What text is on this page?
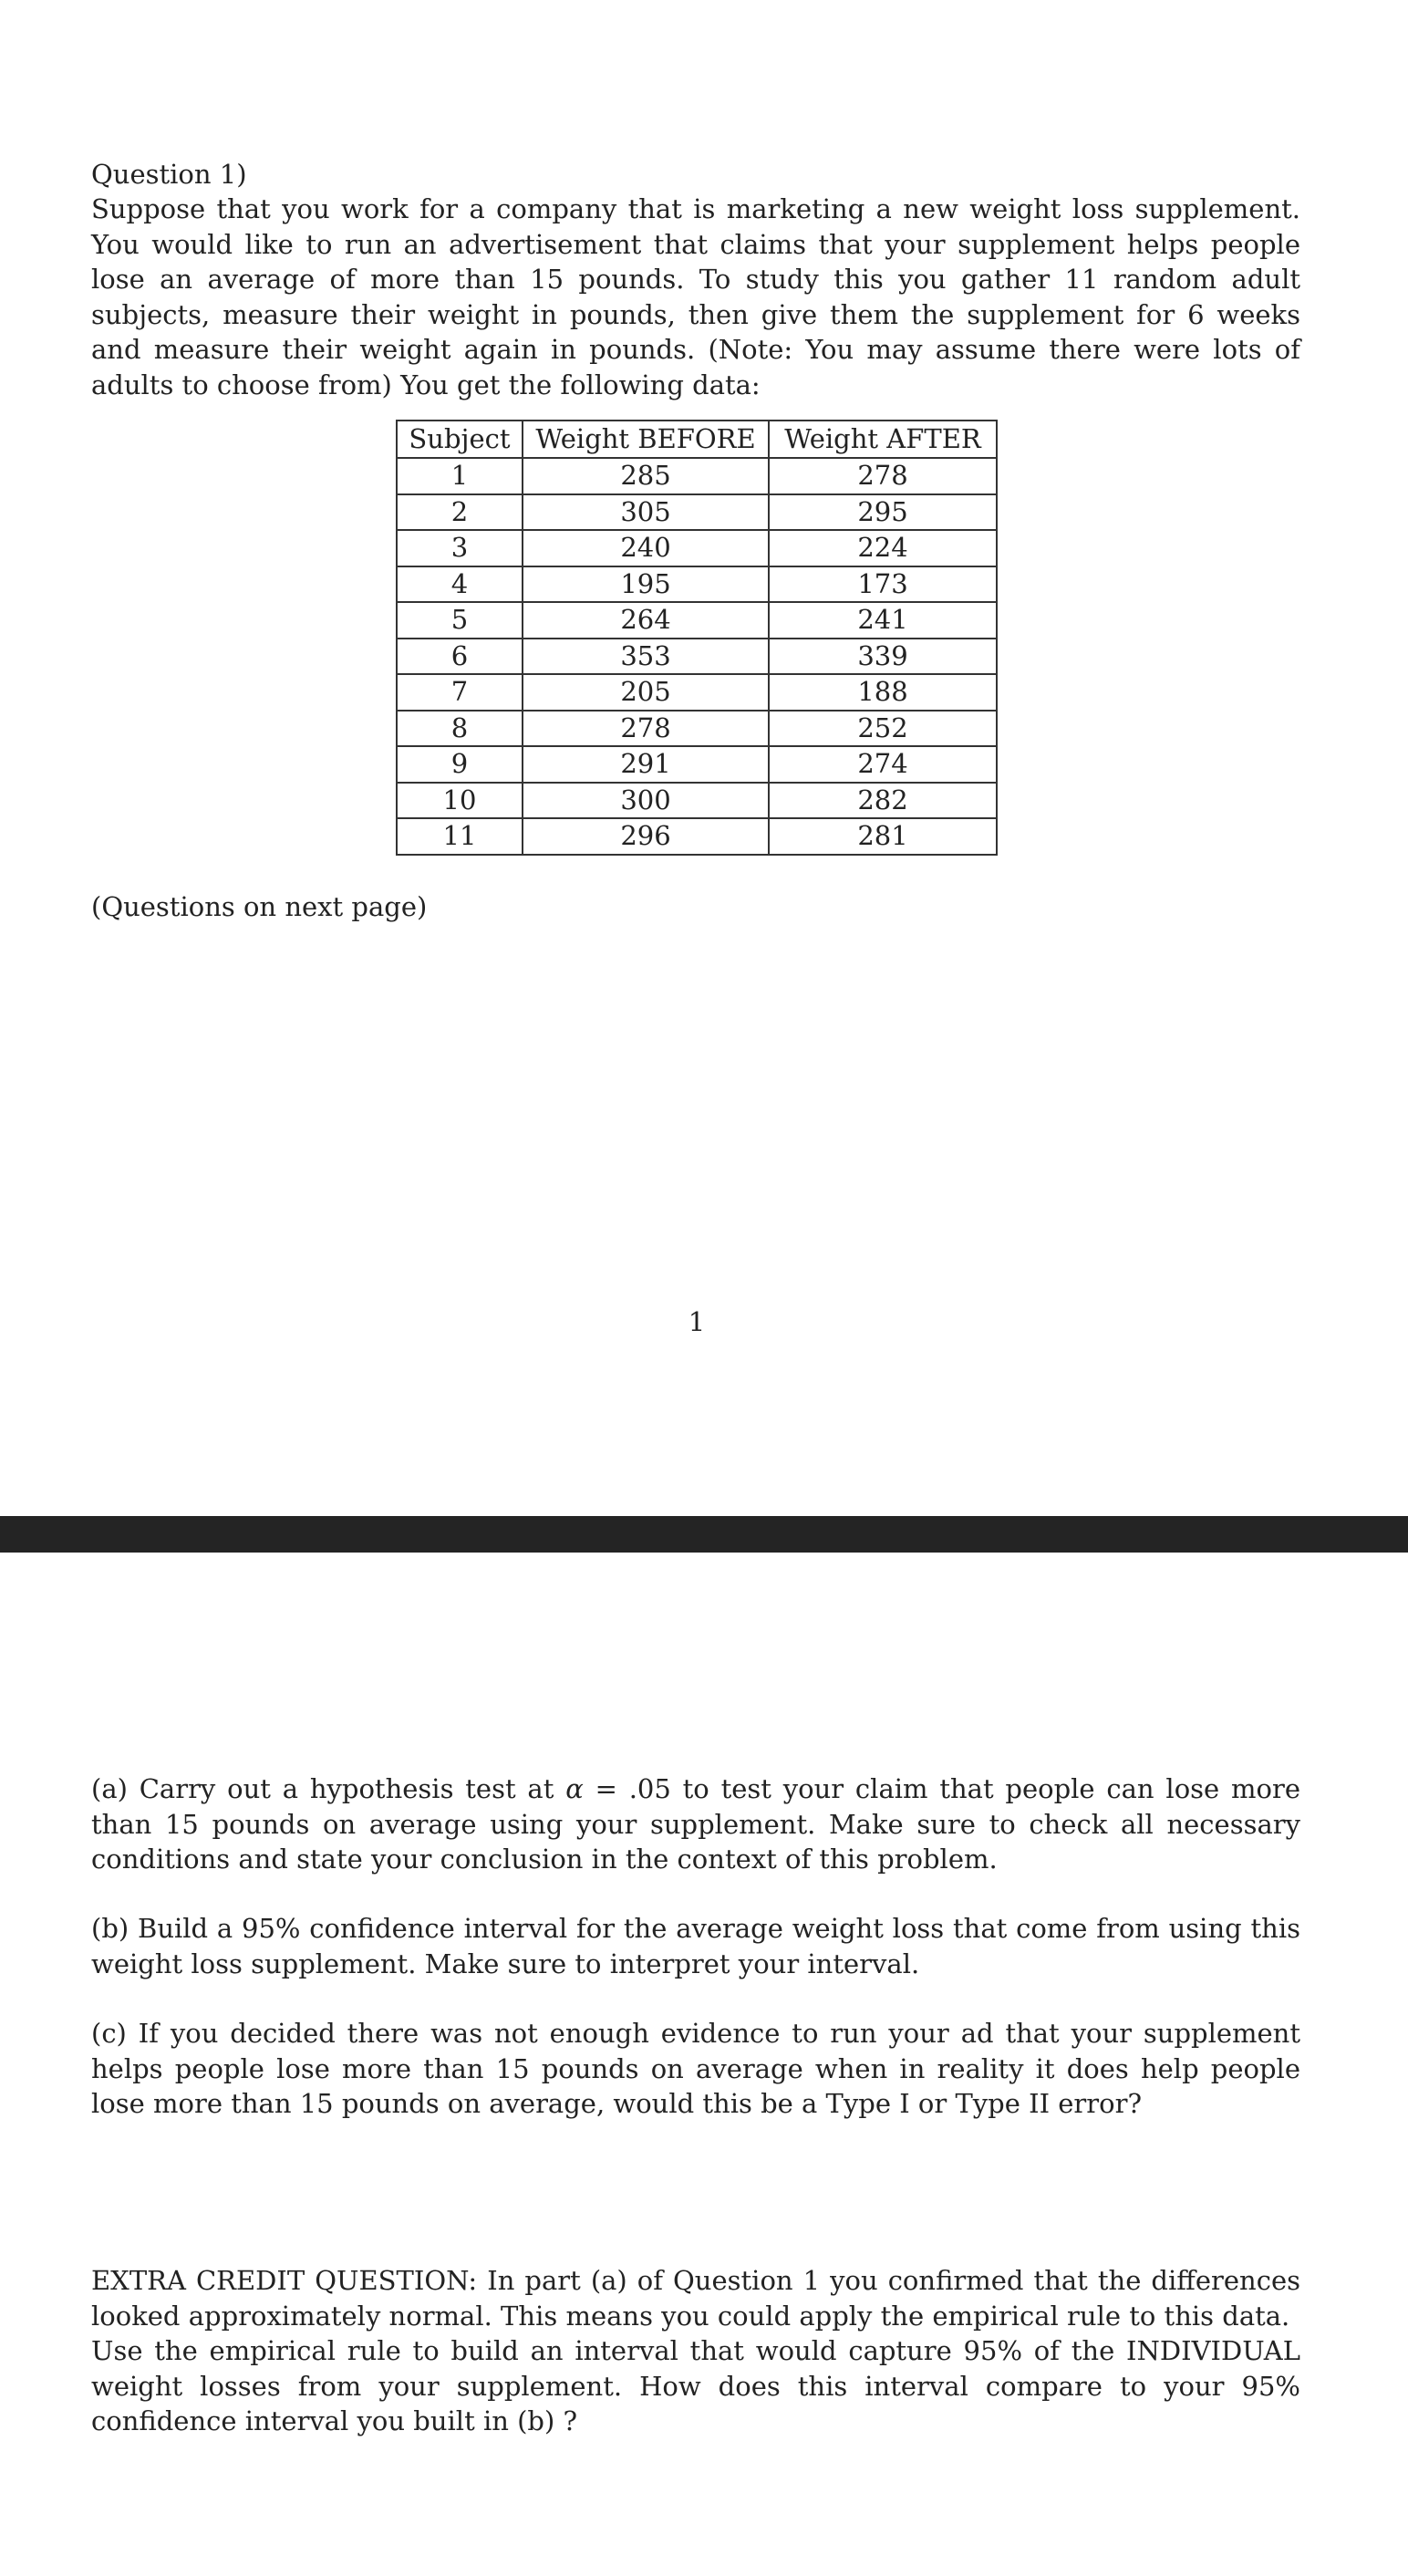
Question 1)

Suppose that you work for a company that is marketing a new weight loss supplement. You would like to run an advertisement that claims that your supplement helps people lose an average of more than 15 pounds. To study this you gather 11 random adult subjects, measure their weight in pounds, then give them the supplement for 6 weeks and measure their weight again in pounds. (Note: You may assume there were lots of adults to choose from) You get the following data:

Subject	Weight BEFORE	Weight AFTER
1	285	278
2	305	295
3	240	224
4	195	173
5	264	241
6	353	339
7	205	188
8	278	252
9	291	274
10	300	282
11	296	281

(Questions on next page)

1

(a) Carry out a hypothesis test at α = .05 to test your claim that people can lose more than 15 pounds on average using your supplement. Make sure to check all necessary conditions and state your conclusion in the context of this problem.

(b) Build a 95% confidence interval for the average weight loss that come from using this weight loss supplement. Make sure to interpret your interval.

(c) If you decided there was not enough evidence to run your ad that your supplement helps people lose more than 15 pounds on average when in reality it does help people lose more than 15 pounds on average, would this be a Type I or Type II error?

EXTRA CREDIT QUESTION: In part (a) of Question 1 you confirmed that the differences looked approximately normal. This means you could apply the empirical rule to this data.

Use the empirical rule to build an interval that would capture 95% of the INDIVIDUAL weight losses from your supplement. How does this interval compare to your 95% confidence interval you built in (b) ?
